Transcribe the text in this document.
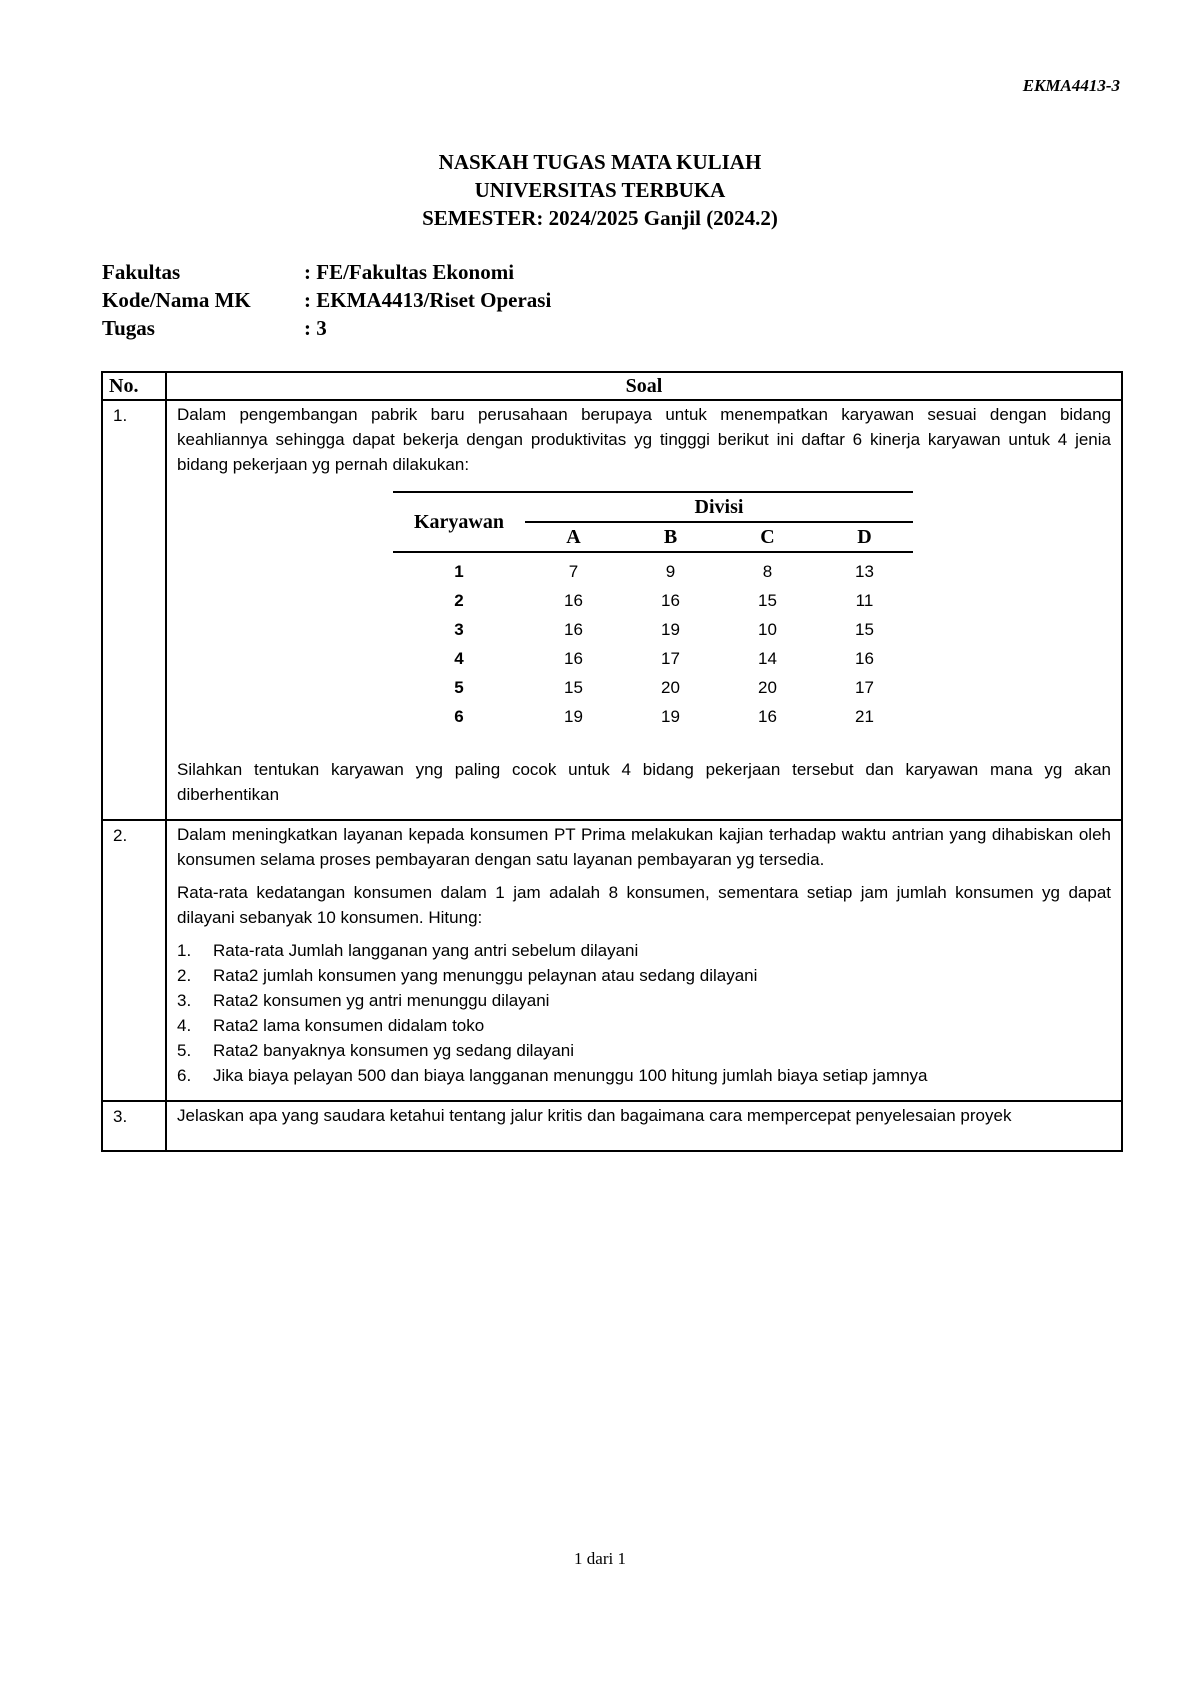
EKMA4413-3
NASKAH TUGAS MATA KULIAH
UNIVERSITAS TERBUKA
SEMESTER: 2024/2025 Ganjil (2024.2)
Fakultas	: FE/Fakultas Ekonomi
Kode/Nama MK	: EKMA4413/Riset Operasi
Tugas	: 3
No.	Soal
1.	Dalam pengembangan pabrik baru perusahaan berupaya untuk menempatkan karyawan sesuai dengan bidang keahliannya sehingga dapat bekerja dengan produktivitas yg tingggi berikut ini daftar 6 kinerja karyawan untuk 4 jenia bidang pekerjaan yg pernah dilakukan:

Karyawan	Divisi
A	B	C	D
1	7	9	8	13
2	16	16	15	11
3	16	19	10	15
4	16	17	14	16
5	15	20	20	17
6	19	19	16	21

Silahkan tentukan karyawan yng paling cocok untuk 4 bidang pekerjaan tersebut dan karyawan mana yg akan diberhentikan

2.	Dalam meningkatkan layanan kepada konsumen PT Prima melakukan kajian terhadap waktu antrian yang dihabiskan oleh konsumen selama proses pembayaran dengan satu layanan pembayaran yg tersedia.

Rata-rata kedatangan konsumen dalam 1 jam adalah 8 konsumen, sementara setiap jam jumlah konsumen yg dapat dilayani sebanyak 10 konsumen. Hitung:

1.	Rata-rata Jumlah langganan yang antri sebelum dilayani
2.	Rata2 jumlah konsumen yang menunggu pelaynan atau sedang dilayani
3.	Rata2 konsumen yg antri menunggu dilayani
4.	Rata2 lama konsumen didalam toko
5.	Rata2 banyaknya konsumen yg sedang dilayani
6.	Jika biaya pelayan 500 dan biaya langganan menunggu 100 hitung jumlah biaya setiap jamnya

3.	Jelaskan apa yang saudara ketahui tentang jalur kritis dan bagaimana cara mempercepat penyelesaian proyek

1 dari 1
